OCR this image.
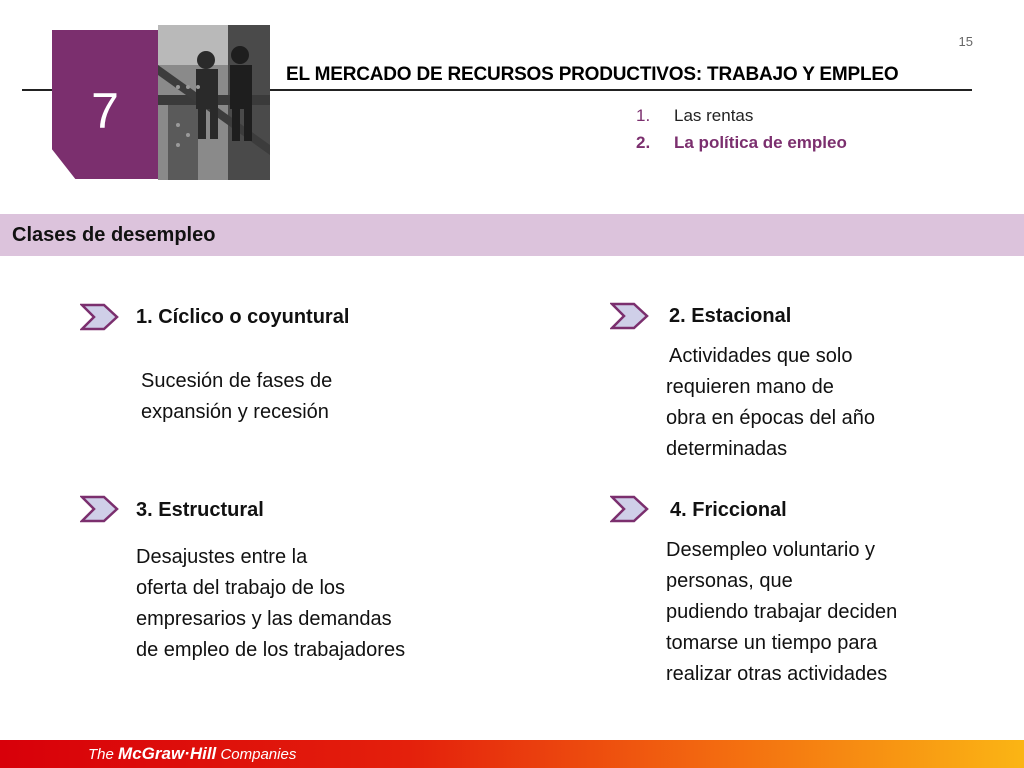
7
15
EL MERCADO DE RECURSOS PRODUCTIVOS: TRABAJO Y EMPLEO
1.	Las rentas
2.	La política de empleo
Clases de desempleo
1. Cíclico o coyuntural
Sucesión de fases de
expansión y recesión
2. Estacional
Actividades que solo
requieren mano de
obra en épocas del año
determinadas
3. Estructural
Desajustes entre la
oferta del trabajo de los
empresarios y las demandas
de empleo de los trabajadores
4. Friccional
Desempleo voluntario y
personas, que
pudiendo trabajar deciden
tomarse un tiempo para
realizar otras actividades
The McGraw·Hill Companies
